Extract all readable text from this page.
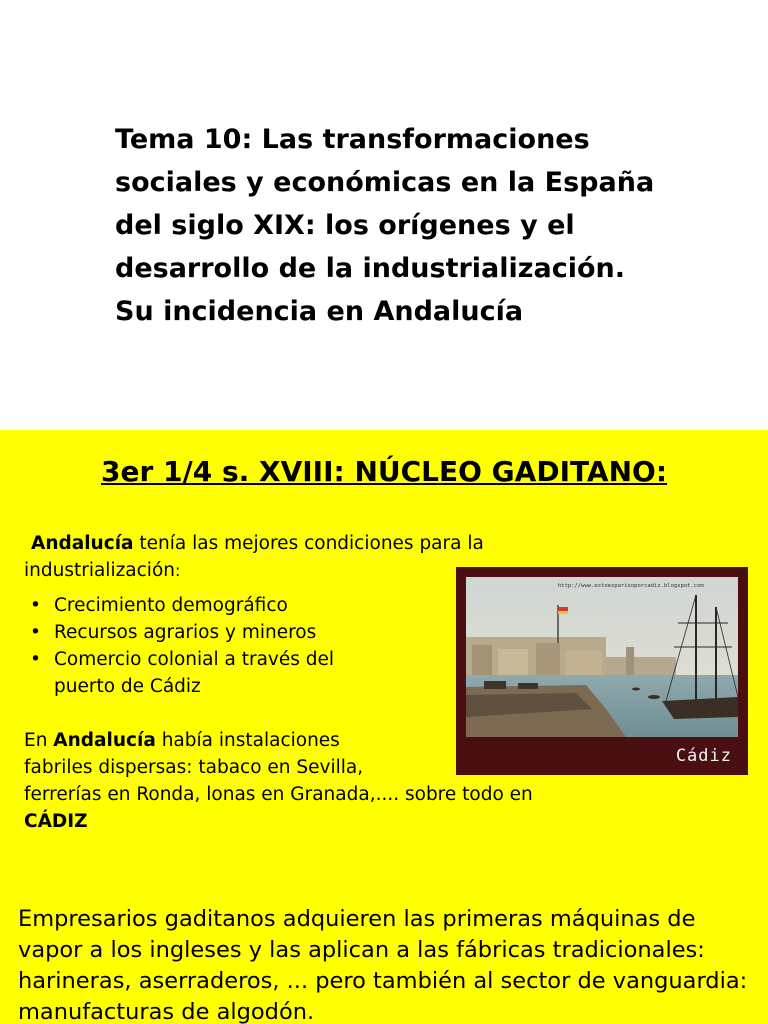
Tema 10: Las transformaciones
sociales y económicas en la España
del siglo XIX: los orígenes y el
desarrollo de la industrialización.
Su incidencia en Andalucía
3er 1/4 s. XVIII: NÚCLEO GADITANO:

Andalucía tenía las mejores condiciones para la
industrialización:

• Crecimiento demográfico
• Recursos agrarios y mineros
• Comercio colonial a través del
puerto de Cádiz

En Andalucía había instalaciones
fabriles dispersas: tabaco en Sevilla,
ferrerías en Ronda, lonas en Granada,.... sobre todo en
CÁDIZ

Empresarios gaditanos adquieren las primeras máquinas de vapor a los ingleses y las aplican a las fábricas tradicionales: harineras, aserraderos, ... pero también al sector de vanguardia: manufacturas de algodón.

http://www.estoesparisoporcadiz.blogspot.com

Cádiz
